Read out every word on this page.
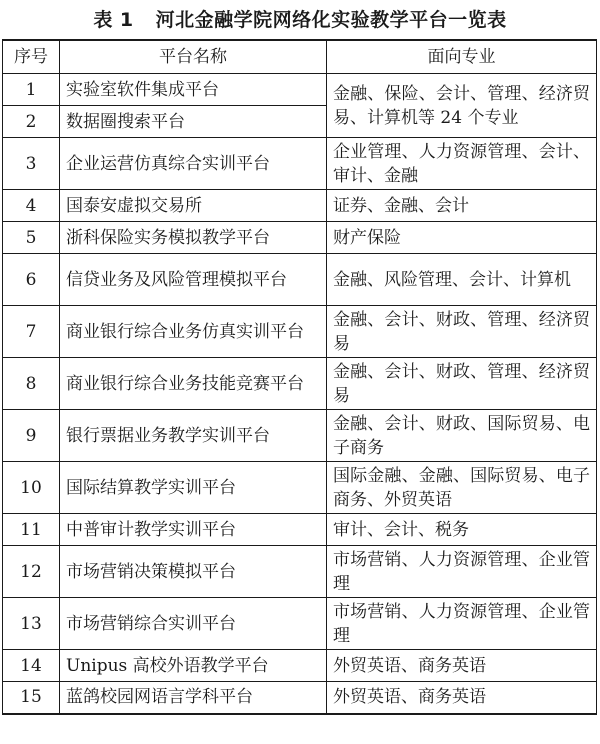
表 1 河北金融学院网络化实验教学平台一览表
序号	平台名称	面向专业
1	实验室软件集成平台	金融、保险、会计、管理、经济贸易、计算机等 24 个专业
2	数据圈搜索平台	
3	企业运营仿真综合实训平台	企业管理、人力资源管理、会计、审计、金融
4	国泰安虚拟交易所	证券、金融、会计
5	浙科保险实务模拟教学平台	财产保险
6	信贷业务及风险管理模拟平台	金融、风险管理、会计、计算机
7	商业银行综合业务仿真实训平台	金融、会计、财政、管理、经济贸易
8	商业银行综合业务技能竞赛平台	金融、会计、财政、管理、经济贸易
9	银行票据业务教学实训平台	金融、会计、财政、国际贸易、电子商务
10	国际结算教学实训平台	国际金融、金融、国际贸易、电子商务、外贸英语
11	中普审计教学实训平台	审计、会计、税务
12	市场营销决策模拟平台	市场营销、人力资源管理、企业管理
13	市场营销综合实训平台	市场营销、人力资源管理、企业管理
14	Unipus 高校外语教学平台	外贸英语、商务英语
15	蓝鸽校园网语言学科平台	外贸英语、商务英语
